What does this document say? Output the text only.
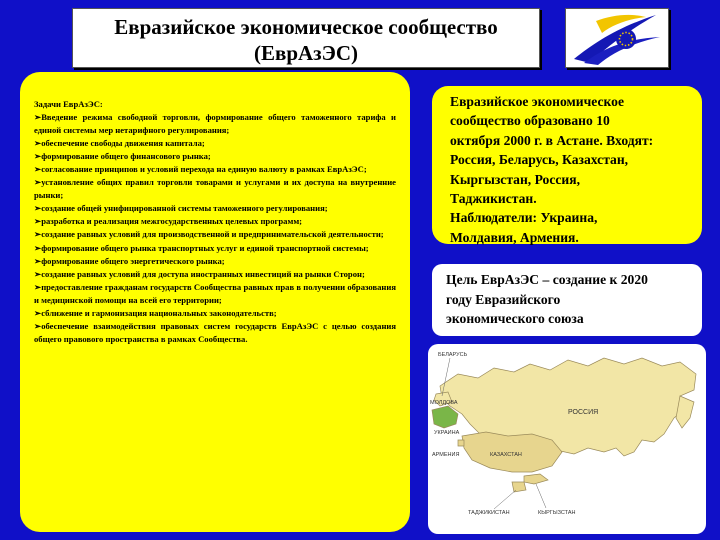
Евразийское экономическое сообщество
(ЕврАзЭС)
Задачи ЕврАзЭС:
➢Введение режима свободной торговли, формирование общего таможенного тарифа и единой системы мер нетарифного регулирования;
➢обеспечение свободы движения капитала;
➢формирование общего финансового рынка;
➢согласование принципов и условий перехода на единую валюту в рамках ЕврАзЭС;
➢установление общих правил торговли товарами и услугами и их доступа на внутренние рынки;
➢создание общей унифицированной системы таможенного регулирования;
➢разработка и реализация межгосударственных целевых программ;
➢создание равных условий для производственной и предпринимательской деятельности;
➢формирование общего рынка транспортных услуг и единой транспортной системы;
➢формирование общего энергетического рынка;
➢создание равных условий для доступа иностранных инвестиций на рынки Сторон;
➢предоставление гражданам государств Сообщества равных прав в получении образования и медицинской помощи на всей его территории;
➢сближение и гармонизация национальных законодательств;
➢обеспечение взаимодействия правовых систем государств ЕврАзЭС с целью создания общего правового пространства в рамках Сообщества.
Евразийское экономическое
сообщество образовано 10
октября 2000 г. в Астане. Входят:
Россия, Беларусь, Казахстан,
Кыргызстан, Россия,
Таджикистан.
Наблюдатели: Украина,
Молдавия, Армения.
Цель ЕврАзЭС – создание к 2020
году Евразийского
экономического союза
БЕЛАРУСЬ
МОЛДОВА
УКРАИНА
РОССИЯ
КАЗАХСТАН
АРМЕНИЯ
ТАДЖИКИСТАН	КЫРГЫЗСТАН
